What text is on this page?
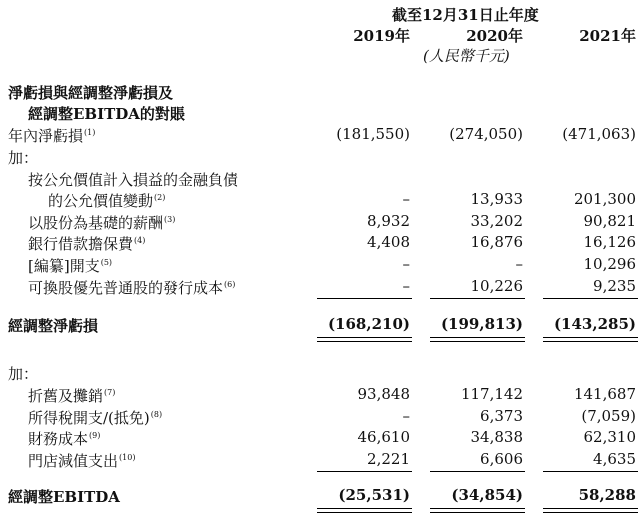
截至12月31日止年度
2019年	2020年	2021年
(人民幣千元)
淨虧損與經調整淨虧損及
經調整EBITDA的對賬
年內淨虧損$^{(1)}$	(181,550)	(274,050)	(471,063)
加：
按公允價值計入損益的金融負債
的公允價值變動$^{(2)}$	–	13,933	201,300
以股份為基礎的薪酬$^{(3)}$	8,932	33,202	90,821
銀行借款擔保費$^{(4)}$	4,408	16,876	16,126
[編纂]開支$^{(5)}$	–	–	10,296
可換股優先普通股的發行成本$^{(6)}$	–	10,226	9,235
經調整淨虧損	(168,210)	(199,813)	(143,285)
加：
折舊及攤銷$^{(7)}$	93,848	117,142	141,687
所得稅開支/(抵免)$^{(8)}$	–	6,373	(7,059)
財務成本$^{(9)}$	46,610	34,838	62,310
門店減值支出$^{(10)}$	2,221	6,606	4,635
經調整EBITDA	(25,531)	(34,854)	58,288
